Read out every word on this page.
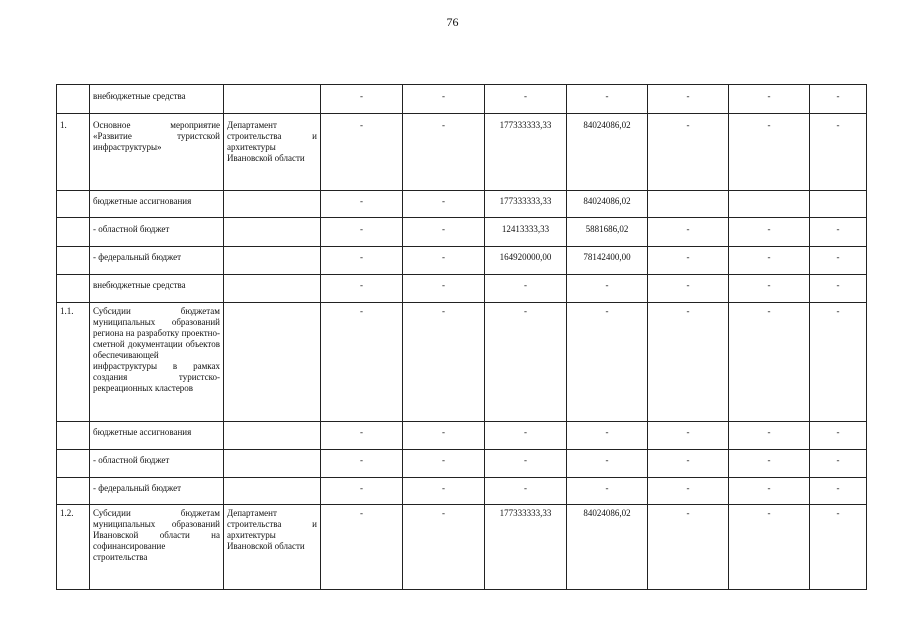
76
	внебюджетные средства		-	-	-	-	-	-	-	
1.	Основное мероприятие «Развитие туристской инфраструктуры»	Департамент строительства и архитектуры Ивановской области	-	-	177333333,33	84024086,02	-	-	-	
	бюджетные ассигнования		-	-	177333333,33	84024086,02				
	- областной бюджет		-	-	12413333,33	5881686,02	-	-	-	
	- федеральный бюджет		-	-	164920000,00	78142400,00	-	-	-	
	внебюджетные средства		-	-	-	-	-	-	-	
1.1.	Субсидии бюджетам муниципальных образований региона на разработку проектно-сметной документации объектов обеспечивающей инфраструктуры в рамках создания туристско-рекреационных кластеров		-	-	-	-	-	-	-	
	бюджетные ассигнования		-	-	-	-	-	-	-	
	- областной бюджет		-	-	-	-	-	-	-	
	- федеральный бюджет		-	-	-	-	-	-	-	
1.2.	Субсидии бюджетам муниципальных образований Ивановской области на софинансирование строительства	Департамент строительства и архитектуры Ивановской области	-	-	177333333,33	84024086,02	-	-	-	
